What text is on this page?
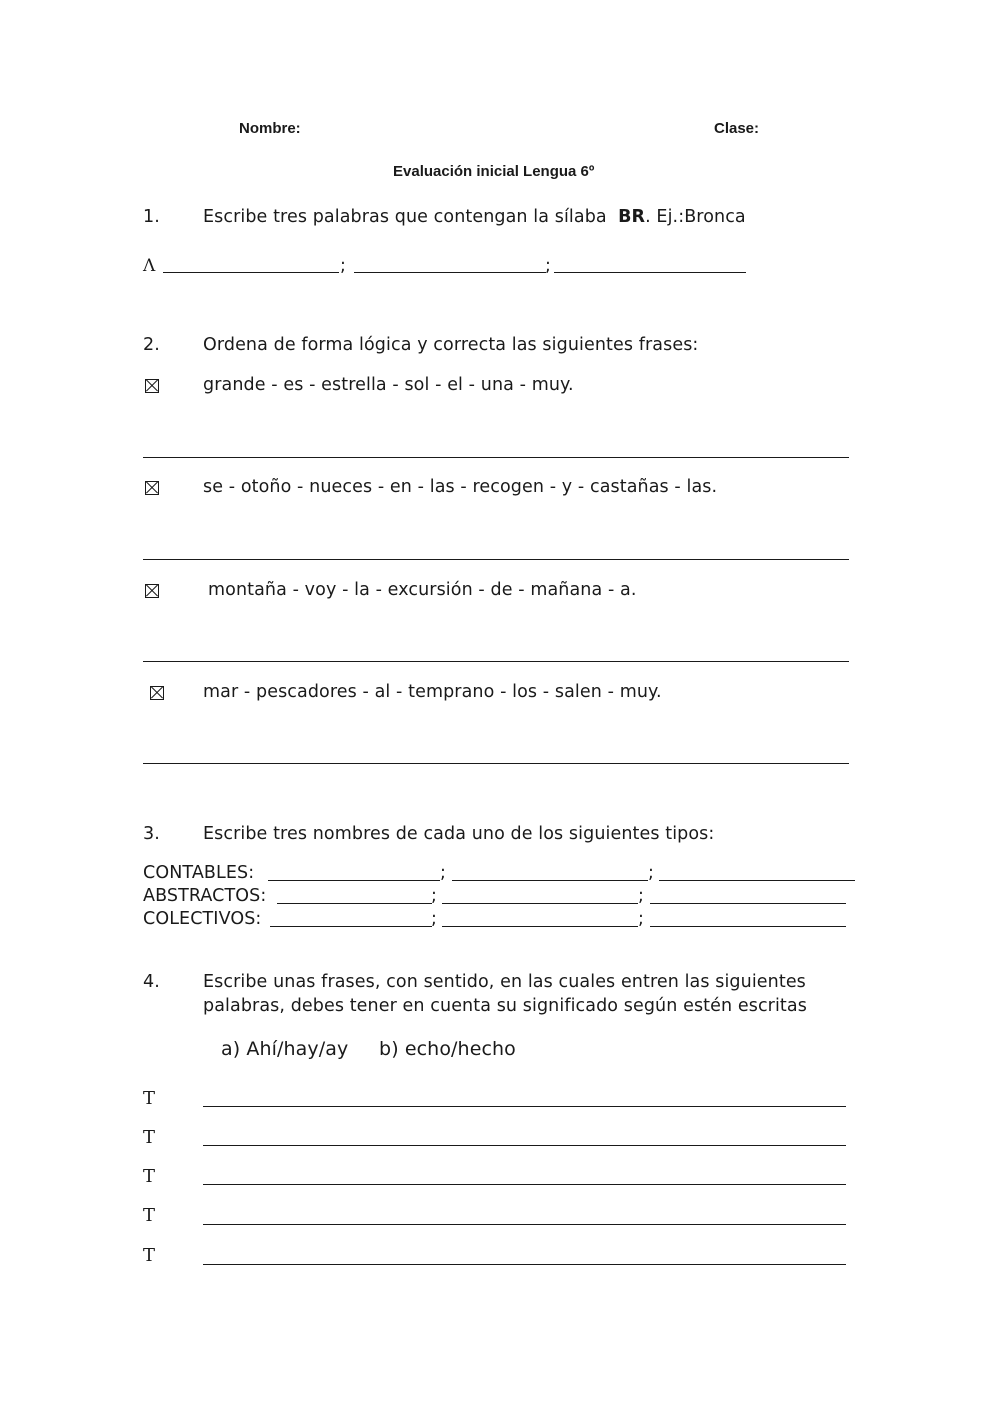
Nombre:	Clase:
Evaluación inicial Lengua 6º
1. Escribe tres palabras que contengan la sílaba BR. Ej.:Bronca
Λ	;	;
2. Ordena de forma lógica y correcta las siguientes frases:
grande - es - estrella - sol - el - una - muy.
se - otoño - nueces - en - las - recogen - y - castañas - las.
montaña - voy - la - excursión - de - mañana - a.
mar - pescadores - al - temprano - los - salen - muy.
3. Escribe tres nombres de cada uno de los siguientes tipos:
CONTABLES:	;	;
ABSTRACTOS:	;	;
COLECTIVOS:	;	;
4. Escribe unas frases, con sentido, en las cuales entren las siguientes
palabras, debes tener en cuenta su significado según estén escritas
a) Ahí/hay/ay     b) echo/hecho
T
T
T
T
T
